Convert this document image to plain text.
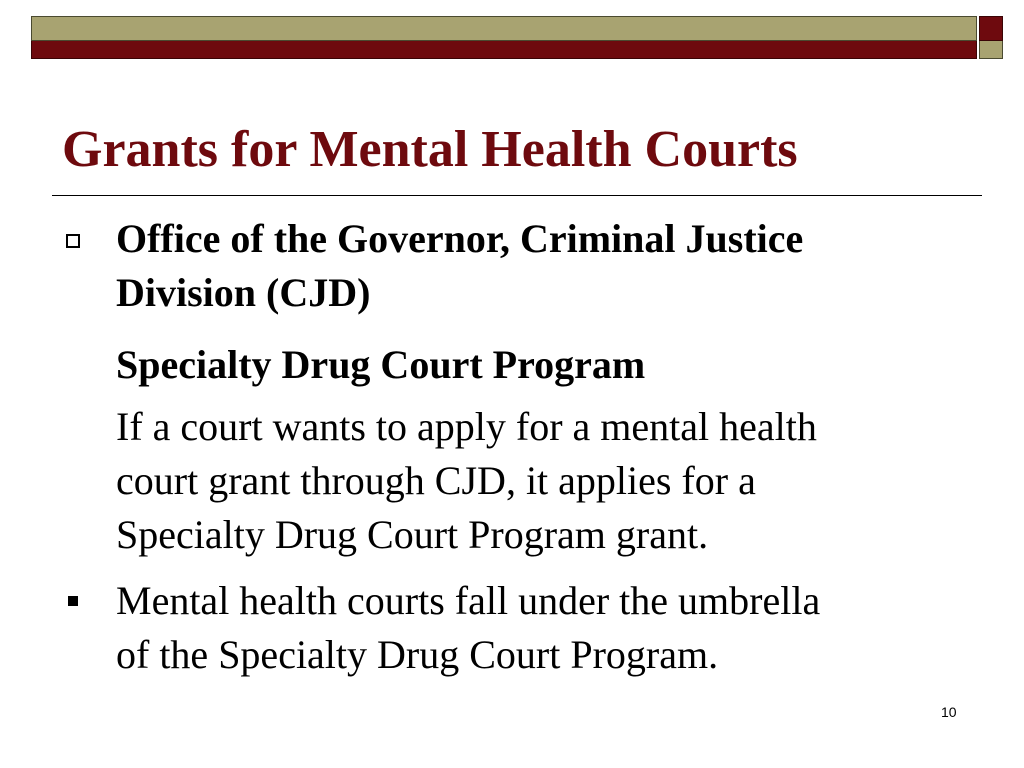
Grants for Mental Health Courts

Office of the Governor, Criminal Justice

Division (CJD)

Specialty Drug Court Program

If a court wants to apply for a mental health

court grant through CJD, it applies for a

Specialty Drug Court Program grant.

Mental health courts fall under the umbrella

of the Specialty Drug Court Program.

10
